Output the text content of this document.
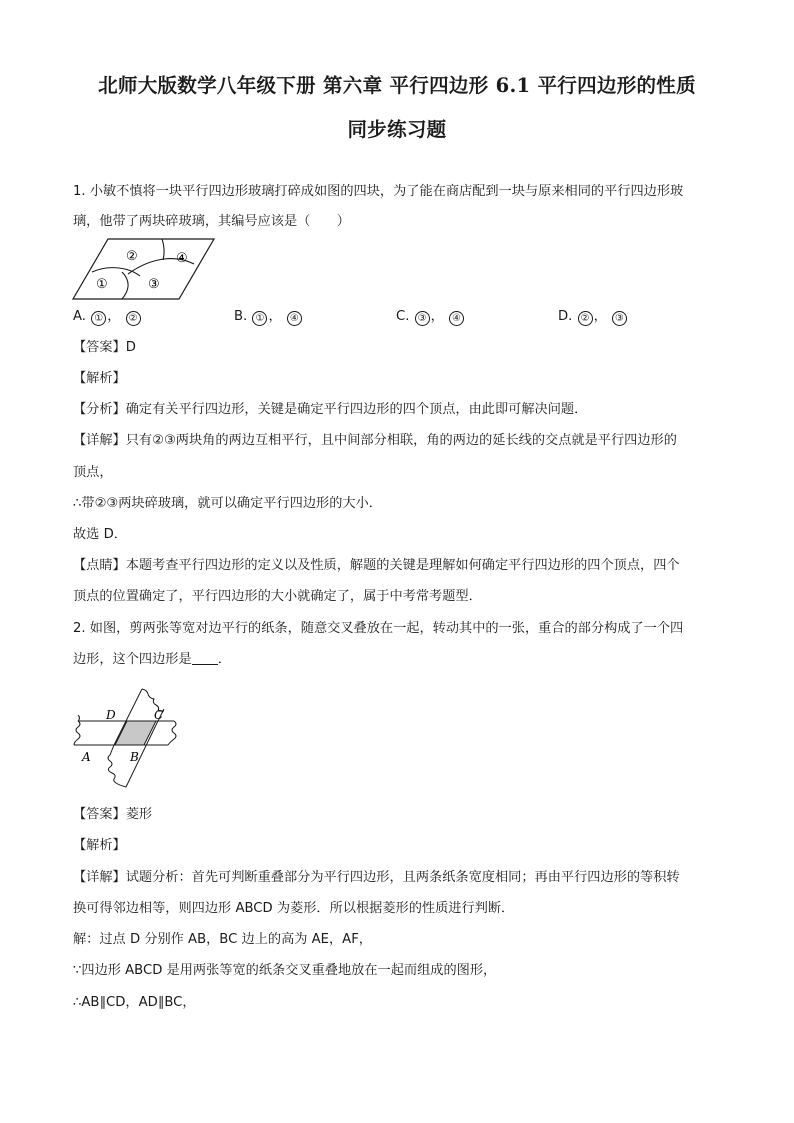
北师大版数学八年级下册 第六章 平行四边形 6.1 平行四边形的性质
同步练习题
1. 小敏不慎将一块平行四边形玻璃打碎成如图的四块，为了能在商店配到一块与原来相同的平行四边形玻
璃，他带了两块碎玻璃，其编号应该是（　　）
①
②
③
④
A. ① ， ②	B. ① ， ④	C. ③ ， ④	D. ② ， ③
【答案】D
【解析】
【分析】确定有关平行四边形，关键是确定平行四边形的四个顶点，由此即可解决问题．
【详解】只有②③两块角的两边互相平行，且中间部分相联，角的两边的延长线的交点就是平行四边形的
顶点，
∴带②③两块碎玻璃，就可以确定平行四边形的大小．
故选 D．
【点睛】本题考查平行四边形的定义以及性质，解题的关键是理解如何确定平行四边形的四个顶点，四个
顶点的位置确定了，平行四边形的大小就确定了，属于中考常考题型．
2. 如图，剪两张等宽对边平行的纸条，随意交叉叠放在一起，转动其中的一张，重合的部分构成了一个四
边形，这个四边形是 ．
D	C
A	B
【答案】菱形
【解析】
【详解】试题分析：首先可判断重叠部分为平行四边形，且两条纸条宽度相同；再由平行四边形的等积转
换可得邻边相等，则四边形 ABCD 为菱形．所以根据菱形的性质进行判断．
解：过点 D 分别作 AB，BC 边上的高为 AE，AF，
∵四边形 ABCD 是用两张等宽的纸条交叉重叠地放在一起而组成的图形，
∴AB∥CD，AD∥BC，
